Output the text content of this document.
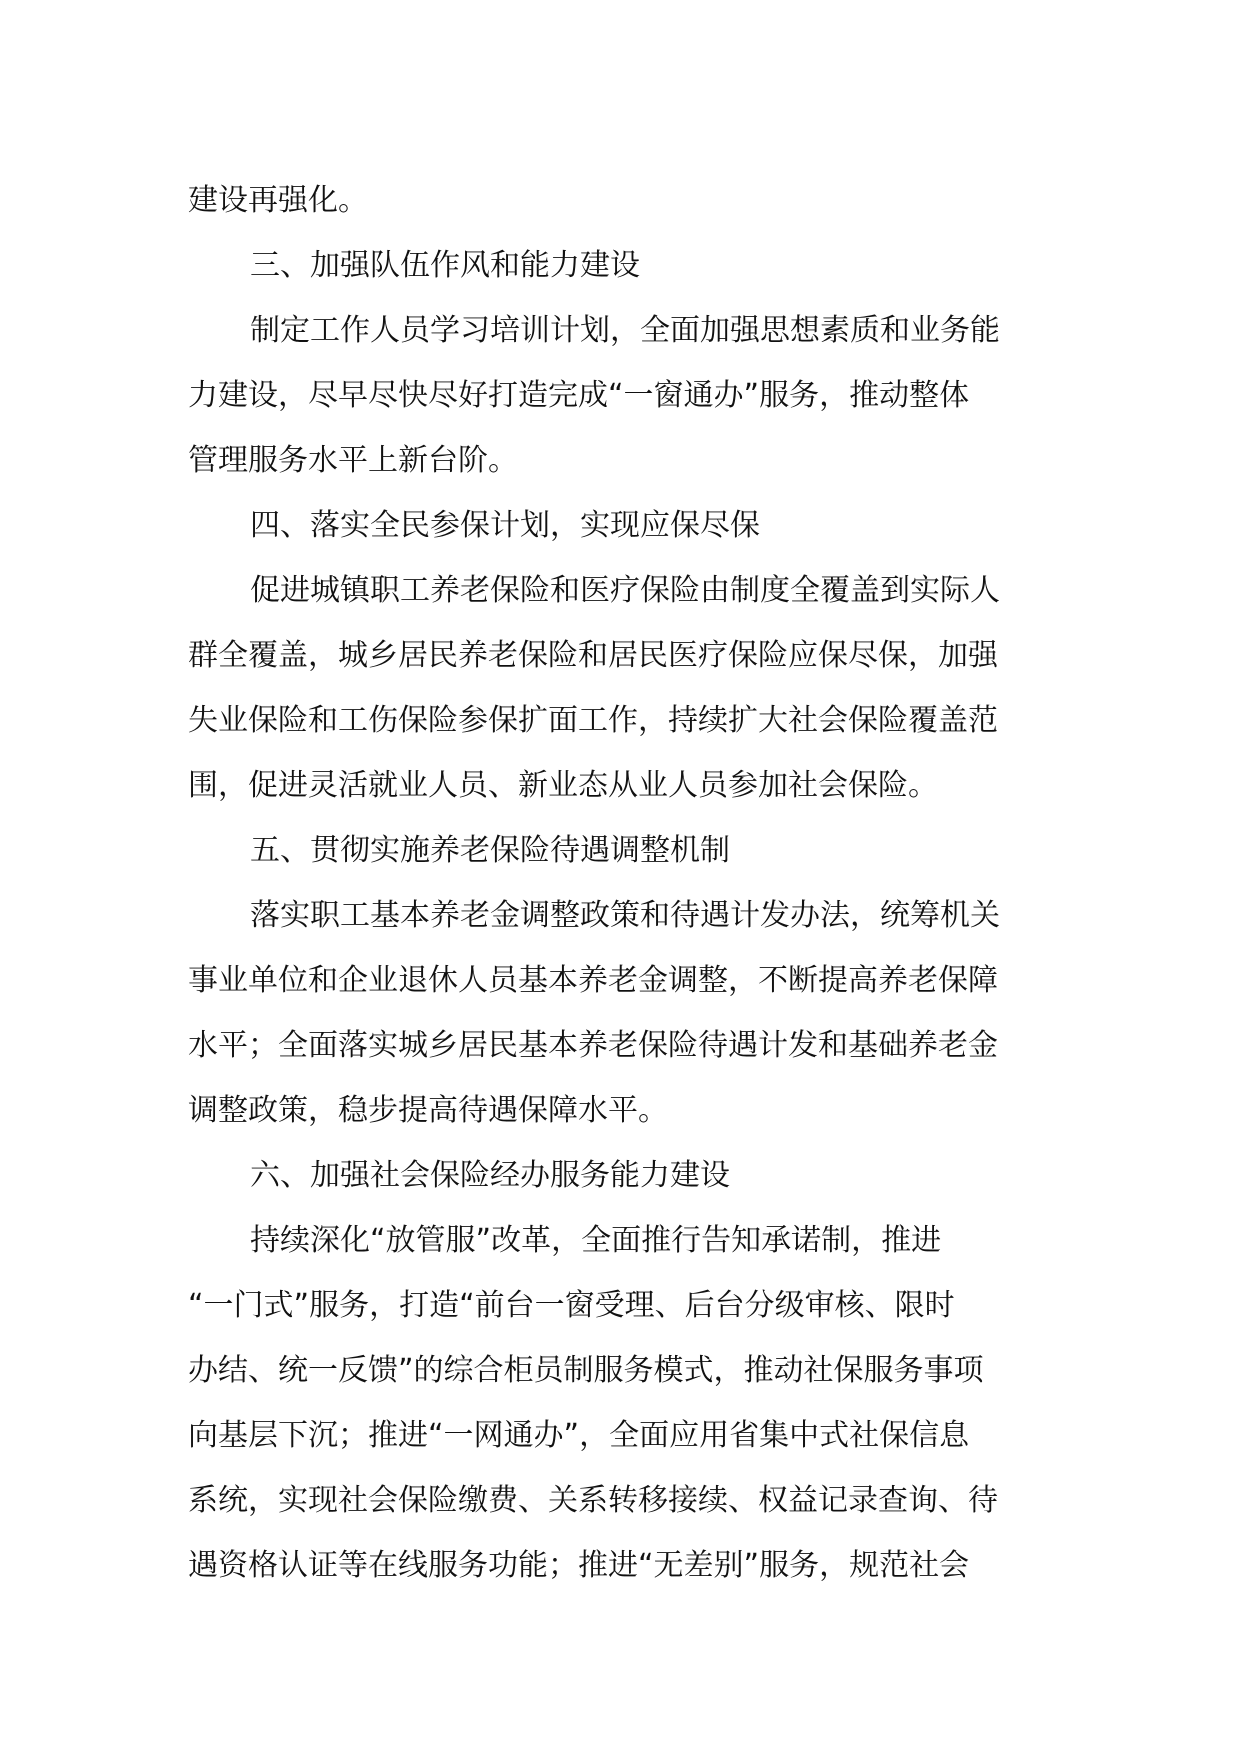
建设再强化。
三、加强队伍作风和能力建设
制定工作人员学习培训计划，全面加强思想素质和业务能
力建设，尽早尽快尽好打造完成“一窗通办”服务，推动整体
管理服务水平上新台阶。
四、落实全民参保计划，实现应保尽保
促进城镇职工养老保险和医疗保险由制度全覆盖到实际人
群全覆盖，城乡居民养老保险和居民医疗保险应保尽保，加强
失业保险和工伤保险参保扩面工作，持续扩大社会保险覆盖范
围，促进灵活就业人员、新业态从业人员参加社会保险。
五、贯彻实施养老保险待遇调整机制
落实职工基本养老金调整政策和待遇计发办法，统筹机关
事业单位和企业退休人员基本养老金调整，不断提高养老保障
水平；全面落实城乡居民基本养老保险待遇计发和基础养老金
调整政策，稳步提高待遇保障水平。
六、加强社会保险经办服务能力建设
持续深化“放管服”改革，全面推行告知承诺制，推进
“一门式”服务，打造“前台一窗受理、后台分级审核、限时
办结、统一反馈”的综合柜员制服务模式，推动社保服务事项
向基层下沉；推进“一网通办”，全面应用省集中式社保信息
系统，实现社会保险缴费、关系转移接续、权益记录查询、待
遇资格认证等在线服务功能；推进“无差别”服务，规范社会
